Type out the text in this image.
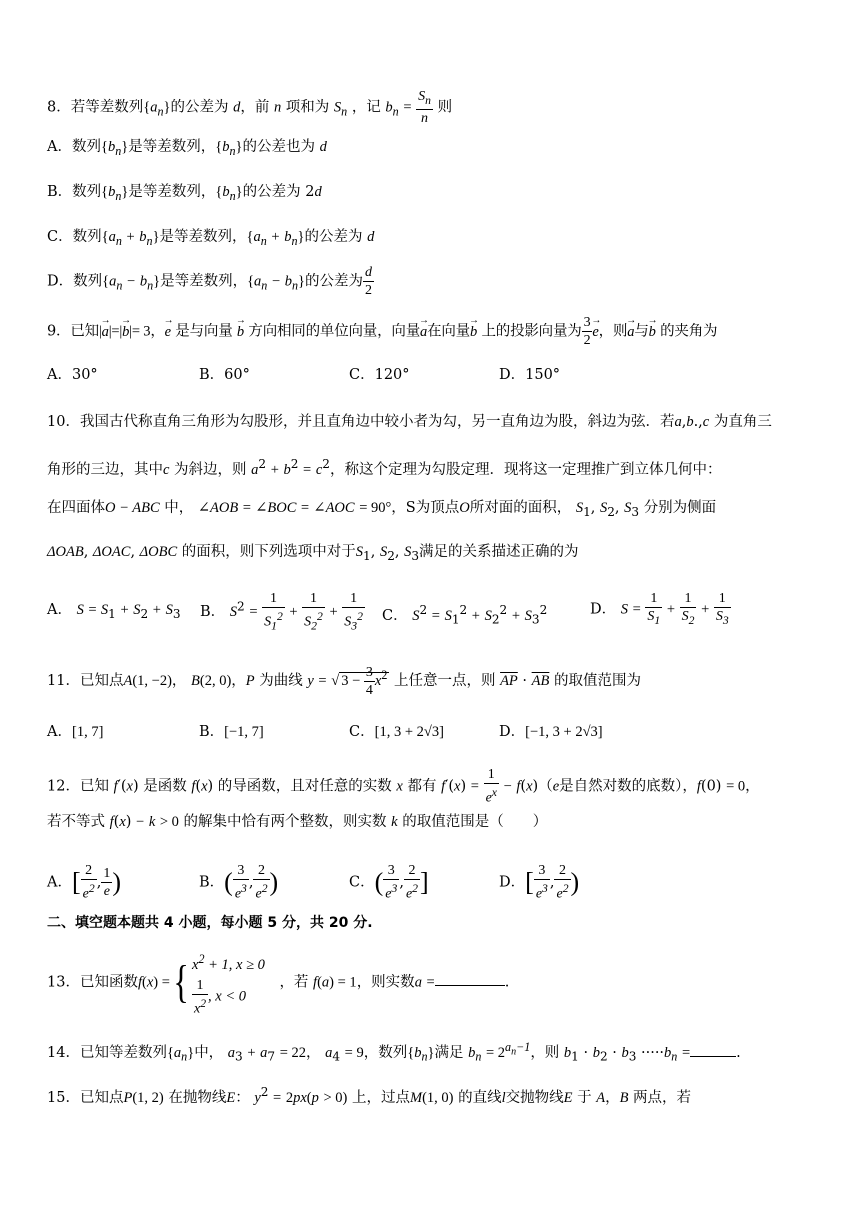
8．若等差数列$\{a_n\}$的公差为 d，前 n 项和为 $S_n$ ，记 $b_n = \frac{S_n}{n}$ 则
A．数列$\{b_n\}$是等差数列，$\{b_n\}$的公差也为 d
B．数列$\{b_n\}$是等差数列，$\{b_n\}$的公差为 2d
C．数列$\{a_n + b_n\}$是等差数列，$\{a_n + b_n\}$的公差为 d
D．数列$\{a_n - b_n\}$是等差数列，$\{a_n - b_n\}$的公差为 $\frac{d}{2}$
9．已知|→ a|=|→ b|= 3，→ e 是与向量 → b 方向相同的单位向量，向量→ a在向量→ b 上的投影向量为 $\frac{3}{2} \to e$，则→ a与→ b 的夹角为
A．30°	B．60°	C．120°	D．150°
10．我国古代称直角三角形为勾股形，并且直角边中较小者为勾，另一直角边为股，斜边为弦．若a,b.,c 为直角三
角形的三边，其中c 为斜边，则 $a^2 + b^2 = c^2$，称这个定理为勾股定理．现将这一定理推广到立体几何中：
在四面体O − ABC 中， ∠AOB = ∠BOC = ∠AOC = 90°，S为顶点O所对面的面积， $S_1$, $S_2$, $S_3$ 分别为侧面
ΔOAB, ΔOAC, ΔOBC 的面积，则下列选项中对于$S_1$, $S_2$, $S_3$满足的关系描述正确的为
A． $S = S_1 + S_2 + S_3$ B． $S^2 = \frac{1}{S_1^2} + \frac{1}{S_2^2} + \frac{1}{S_3^2}$ C． $S^2 = S_1^2 + S_2^2 + S_3^2$	D． $S = \frac{1}{S_1} + \frac{1}{S_2} + \frac{1}{S_3}$
11．已知点A(1, −2)， B(2, 0)，P 为曲线 y = √ $3 - \frac{3}{4} x^2$ 上任意一点，则 $\overline{AP} \cdot \overline{AB}$ 的取值范围为
A．[1, 7]	B．[−1, 7]	C．[1, 3 + 2√3]	D．[−1, 3 + 2√3]
12．已知 f′(x) 是函数 f(x) 的导函数，且对任意的实数 x 都有 $f'(x) = \frac{1}{e^x} - f(x)(e$是自然对数的底数），f(0) = 0，
若不等式 f(x) − k > 0 的解集中恰有两个整数，则实数 k 的取值范围是（　　）
A．[ $\frac{2}{e^2}$ , $\frac{1}{e}$ )	B．( $\frac{3}{e^3}$ , $\frac{2}{e^2}$ )	C．( $\frac{3}{e^3}$ , $\frac{2}{e^2}$ ]	D．[ $\frac{3}{e^3}$ , $\frac{2}{e^2}$ )
二、填空题本题共 4 小题，每小题 5 分，共 20 分.
13．已知函数f(x) ={ $x^2 + 1$, x ≥ 0
$\frac{1}{x^2}$ , x < 0
　，若 f(a) = 1，则实数a =	.
14．已知等差数列$\{a_n\}$中， $a_3 + a_7 = 22$， $a_4 = 9$，数列$\{b_n\}$满足 $b_n = 2^{a_n-1}$，则 $b_1 \cdot b_2 \cdot b_3 \cdot\cdot\cdot\cdot\cdot b_n$ =	.
15．已知点P(1, 2) 在抛物线E： $y^2 = 2px(p > 0)$ 上，过点M(1, 0) 的直线l交抛物线E 于 A，B 两点，若
